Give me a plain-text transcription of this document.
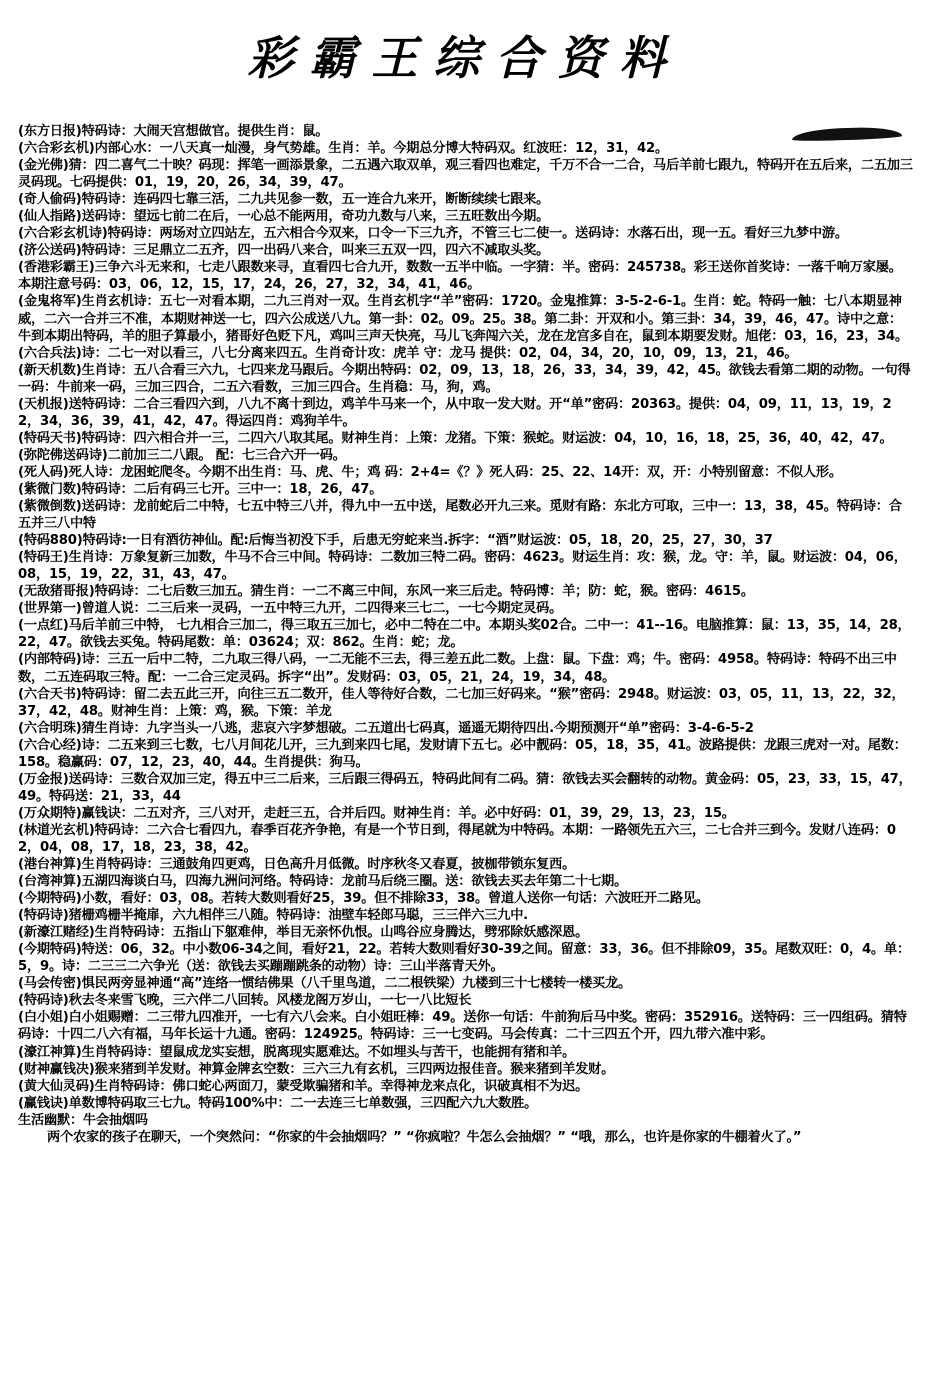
彩霸王综合资料

(东方日报)特码诗：大闹天宫想做官。提供生肖：鼠。

(六合彩玄机)内部心水：一八天真一灿漫，身气势雄。生肖：羊。今期总分博大特码双。红波旺：12，31，42。

(金光佛)猜：四二喜气二十映？码现：挥笔一画添景象，二五遇六取双单，观三看四也难定，千万不合一二合，马后羊前七跟九，特码开在五后来，二五加三灵码现。七码提供：01，19，20，26，34，39，47。

(奇人偷码)特码诗：连码四七靠三活，二九共见参一数，五一连合九来开，断断续续七跟来。

(仙人指路)送码诗：望远七前二在后，一心总不能两用，奇功九数与八来，三五旺数出今期。

(六合彩玄机诗)特码诗：两场对立四站左，五六相合今双来，口令一下三九齐，不管三七二使一。送码诗：水落石出，现一五。看好三九梦中游。

(济公送码)特码诗：三足鼎立二五齐，四一出码八来合，叫来三五双一四，四六不减取头奖。

(香港彩霸王)三争六斗无来和，七走八跟数来寻，直看四七合九开，数数一五半中临。一字猜：半。密码：245738。彩王送你首奖诗：一落千响万家屡。本期注意号码：03，06，12，15，17，24，26，27，32，34，41，46。

(金鬼将军)生肖玄机诗：五七一对看本期，二九三肖对一双。生肖玄机字“羊”密码：1720。金鬼推算：3-5-2-6-1。生肖：蛇。特码一触：七八本期显神威，二六一合并三不准，本期财神送一七，四六公成送八九。第一卦：02。09。25。38。第二卦：开双和小。第三卦：34，39，46，47。诗中之意：牛到本期出特码，羊的胆子算最小，猪哥好色贬下凡，鸡叫三声天快亮，马儿飞奔闯六关，龙在龙宫多自在，鼠到本期要发财。旭佬：03，16，23，34。

(六合兵法)诗：二七一对以看三，八七分离来四五。生肖奇计攻：虎羊 守：龙马 提供：02，04，34，20，10，09，13，21，46。

(新天机数)生肖诗：五八合看三六九，七四来龙马跟后。今期出特码：02，09，13，18，26，33，34，39，42，45。欲钱去看第二期的动物。一句得一码：牛前来一码，三加三四合，二五六看数，三加三四合。生肖稳：马，狗，鸡。

(天机报)送特码诗：二合三看四六到，八九不离十到边，鸡羊牛马来一个，从中取一发大财。开“单”密码：20363。提供：04，09，11，13，19，22，34，36，39，41，42，47。得运四肖：鸡狗羊牛。

(特码天书)特码诗：四六相合并一三，二四六八取其尾。财神生肖：上策：龙猪。下策：猴蛇。财运波：04，10，16，18，25，36，40，42，47。

(弥陀佛送码诗)二前加三二八跟。 配：七三合六开一码。

(死人码)死人诗：龙困蛇爬冬。今期不出生肖：马、虎、牛；鸡 码：2+4=《？》死人码：25、22、14开：双，开：小特别留意：不似人形。

(紫微门数)特码诗：二后有码三七开。三中一：18，26，47。

(紫微倒数)送码诗：龙前蛇后二中特，七五中特三八并，得九中一五中送，尾数必开九三来。觅财有路：东北方可取，三中一：13，38，45。特码诗：合五并三八中特

(特码880)特码诗:一日有酒彷神仙。配:后悔当初没下手，后患无穷蛇来当.拆字：“酒”财运波：05，18，20，25，27，30，37

(特码王)生肖诗：万象复新三加数，牛马不合三中间。特码诗：二数加三特二码。密码：4623。财运生肖：攻：猴，龙。守：羊，鼠。财运波：04，06，08，15，19，22，31，43，47。

(无敌猪哥报)特码诗：二七后数三加五。猜生肖：一二不离三中间，东风一来三后走。特码博：羊；防：蛇，猴。密码：4615。

(世界第一)曾道人说：二三后来一灵码，一五中特三九开，二四得来三七二，一七今期定灵码。

(一点红)马后羊前三中特， 七九相合三加二，得三取五三加七，必中二特在二中。本期头奖02合。二中一：41--16。电脑推算：鼠：13，35，14，28，22，47。欲钱去买兔。特码尾数：单：03624；双：862。生肖：蛇；龙。

(内部特码)诗：三五一后中二特，二九取三得八码，一二无能不三去，得三差五此二数。上盘：鼠。下盘：鸡；牛。密码：4958。特码诗：特码不出三中数，二五连码取三特。配：一二合三定灵码。拆字“出”。发财码：03，05，21，24，19，34，48。

(六合天书)特码诗：留二去五此三开，向往三五二数开，佳人等待好合数，二七加三好码来。“猴”密码：2948。财运波：03，05，11，13，22，32，37，42，48。财神生肖：上策：鸡，猴。下策：羊龙

(六合明珠)猜生肖诗：九字当头一八逃，悲哀六字梦想破。二五道出七码真，遥遥无期待四出.今期预测开“单”密码：3-4-6-5-2

(六合心经)诗：二五来到三七数，七八月间花儿开，三九到来四七尾，发财请下五七。必中靓码：05，18，35，41。波路提供：龙跟三虎对一对。尾数：158。稳赢码：07，12，23，40，44。生肖提供：狗马。

(万金报)送码诗：三数合双加三定，得五中三二后来，三后跟三得码五，特码此间有二码。猜：欲钱去买会翻转的动物。黄金码：05，23，33，15，47，49。特码送：21，33，44

(万众期特)赢钱诀：二五对齐，三八对开，走赶三五，合并后四。财神生肖：羊。必中好码：01，39，29，13，23，15。

(林道光玄机)特码诗：二六合七看四九，春季百花齐争艳，有是一个节日到，得尾就为中特码。本期：一路领先五六三，二七合并三到今。发财八连码：02，04，08，17，18，23，38，42。

(港台神算)生肖特码诗：三通鼓角四更鸡，日色高升月低微。时序秋冬又春夏，披枷带锁东复西。

(台湾神算)五湖四海谈白马，四海九洲问河络。特码诗：龙前马后绕三圈。送：欲钱去买去年第二十七期。

(今期特码)小数，看好：03，08。若转大数则看好25，39。但不排除33，38。曾道人送你一句话：六波旺开二路见。

(特码诗)猪栅鸡栅半掩扉，六九相伴三八随。特码诗：油壁车轻郎马聪，三三伴六三九中.

(新濠江赌经)生肖特码诗：五指山下躯难伸，举目无亲怀仇恨。山鸣谷应身腾达，劈邪除妖感深恩。

(今期特码)特送：06，32。中小数06-34之间，看好21，22。若转大数则看好30-39之间。留意：33，36。但不排除09，35。尾数双旺：0，4。单：5，9。诗：二三三二六争光（送：欲钱去买蹦蹦跳条的动物）诗：三山半落青天外。

(马会传密)惧民两旁显神通“高”连络一惯结佛果（八千里鸟道，二二根铁梁）九楼到三十七楼转一楼买龙。

(特码诗)秋去冬来雪飞晚，三六伴二八回转。风楼龙阁万岁山，一七一八比短长

(白小姐)白小姐赐赠：二三带九四准开，一七有六八会来。白小姐旺棒：49。送你一句话：牛前狗后马中奖。密码：352916。送特码：三一四组码。猜特码诗：十四二八六有福，马年长运十九通。密码：124925。特码诗：三一七变码。马会传真：二十三四五个开，四九带六准中彩。

(濠江神算)生肖特码诗：望鼠成龙实妄想，脱离现实愿难达。不如埋头与苦干，也能拥有猪和羊。

(财神赢钱决)猴来猪到羊发财。神算金牌玄空数：三六三九有玄机，三四两边报佳音。猴来猪到羊发财。

(黄大仙灵码)生肖特码诗：佛口蛇心两面刀，蒙受欺骗猪和羊。幸得神龙来点化，识破真相不为迟。

(赢钱诀)单数博特码取三七九。特码100%中：二一去连三七单数强，三四配六九大数胜。

生活幽默：牛会抽烟吗

两个农家的孩子在聊天，一个突然问：“你家的牛会抽烟吗？” “你疯啦？牛怎么会抽烟？” “哦，那么，也许是你家的牛棚着火了。”
